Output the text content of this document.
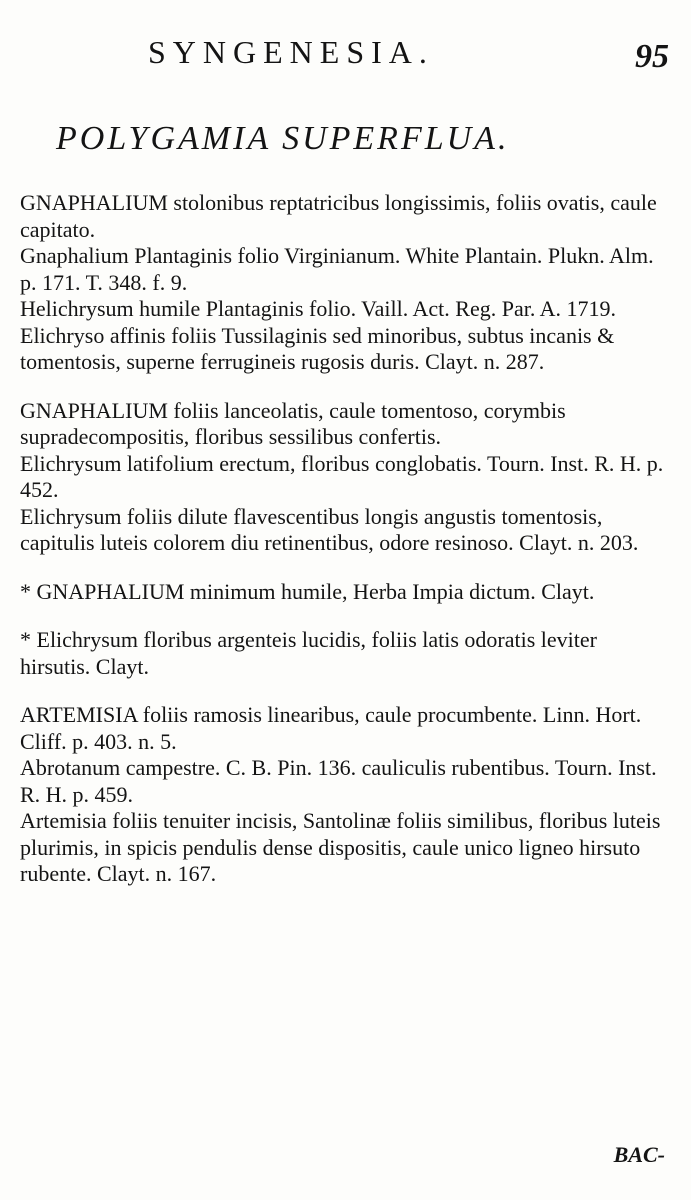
SYNGENESIA.	95
POLYGAMIA SUPERFLUA.

GNAPHALIUM stolonibus reptatricibus longissimis, foliis ovatis, caule capitato.

Gnaphalium Plantaginis folio Virginianum. White Plantain. Plukn. Alm. p. 171. T. 348. f. 9.

Helichrysum humile Plantaginis folio. Vaill. Act. Reg. Par. A. 1719.

Elichryso affinis foliis Tussilaginis sed minoribus, subtus incanis & tomentosis, superne ferrugineis rugosis duris. Clayt. n. 287.

GNAPHALIUM foliis lanceolatis, caule tomentoso, corymbis supradecompositis, floribus sessilibus confertis.

Elichrysum latifolium erectum, floribus conglobatis. Tourn. Inst. R. H. p. 452.

Elichrysum foliis dilute flavescentibus longis angustis tomentosis, capitulis luteis colorem diu retinentibus, odore resinoso. Clayt. n. 203.

* GNAPHALIUM minimum humile, Herba Impia dictum. Clayt.

* Elichrysum floribus argenteis lucidis, foliis latis odoratis leviter hirsutis. Clayt.

ARTEMISIA foliis ramosis linearibus, caule procumbente. Linn. Hort. Cliff. p. 403. n. 5.

Abrotanum campestre. C. B. Pin. 136. cauliculis rubentibus. Tourn. Inst. R. H. p. 459.

Artemisia foliis tenuiter incisis, Santolinæ foliis similibus, floribus luteis plurimis, in spicis pendulis dense dispositis, caule unico ligneo hirsuto rubente. Clayt. n. 167.

BAC-
